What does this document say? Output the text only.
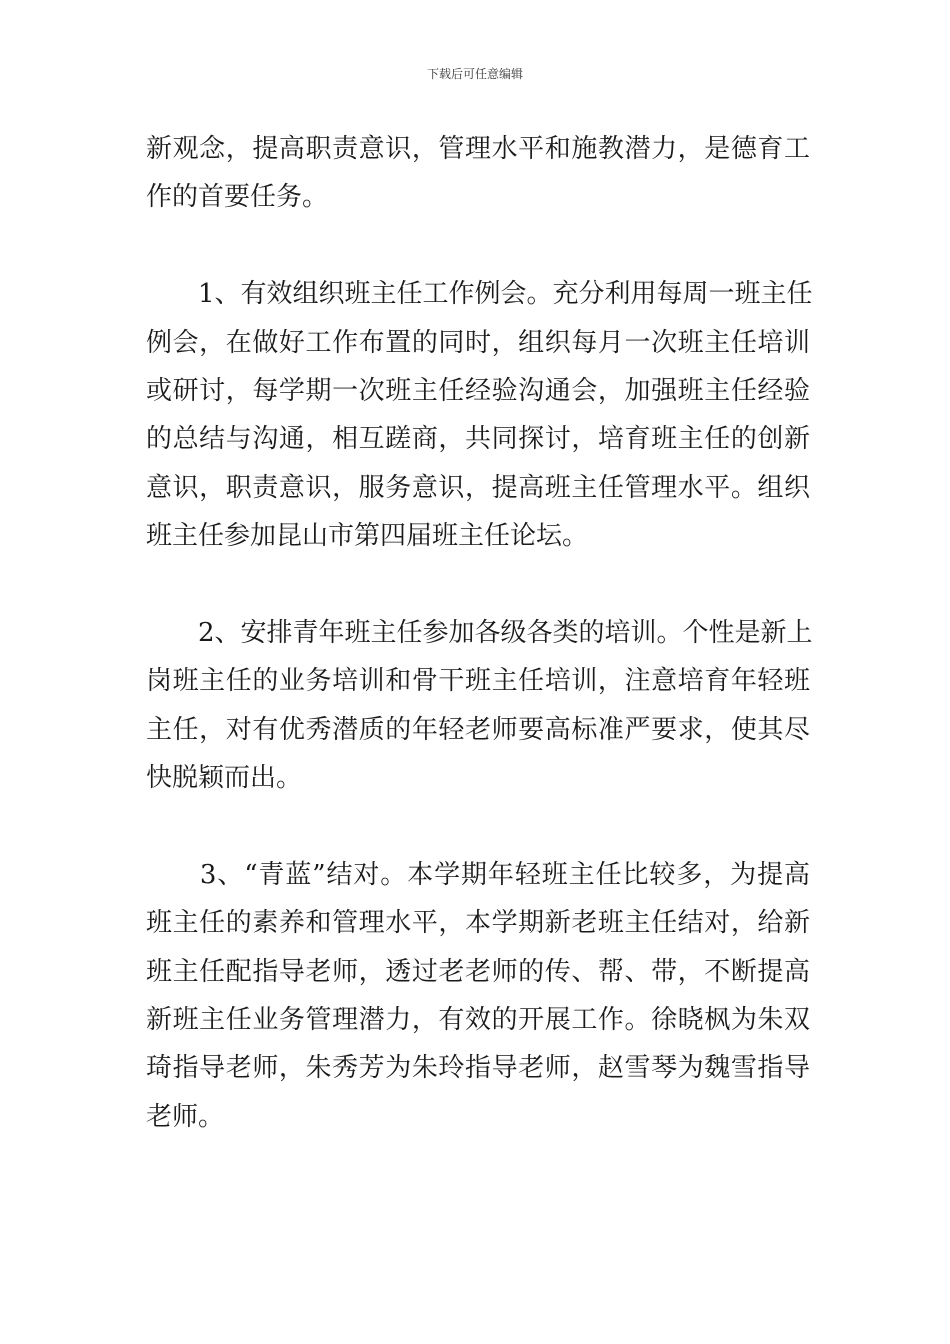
下载后可任意编辑
新观念，提高职责意识，管理水平和施教潜力，是德育工
作的首要任务。
　　1、有效组织班主任工作例会。充分利用每周一班主任
例会，在做好工作布置的同时，组织每月一次班主任培训
或研讨，每学期一次班主任经验沟通会，加强班主任经验
的总结与沟通，相互蹉商，共同探讨，培育班主任的创新
意识，职责意识，服务意识，提高班主任管理水平。组织
班主任参加昆山市第四届班主任论坛。
　　2、安排青年班主任参加各级各类的培训。个性是新上
岗班主任的业务培训和骨干班主任培训，注意培育年轻班
主任，对有优秀潜质的年轻老师要高标准严要求，使其尽
快脱颖而出。
　　3、“青蓝”结对。本学期年轻班主任比较多，为提高
班主任的素养和管理水平，本学期新老班主任结对，给新
班主任配指导老师，透过老老师的传、帮、带，不断提高
新班主任业务管理潜力，有效的开展工作。徐晓枫为朱双
琦指导老师，朱秀芳为朱玲指导老师，赵雪琴为魏雪指导
老师。
